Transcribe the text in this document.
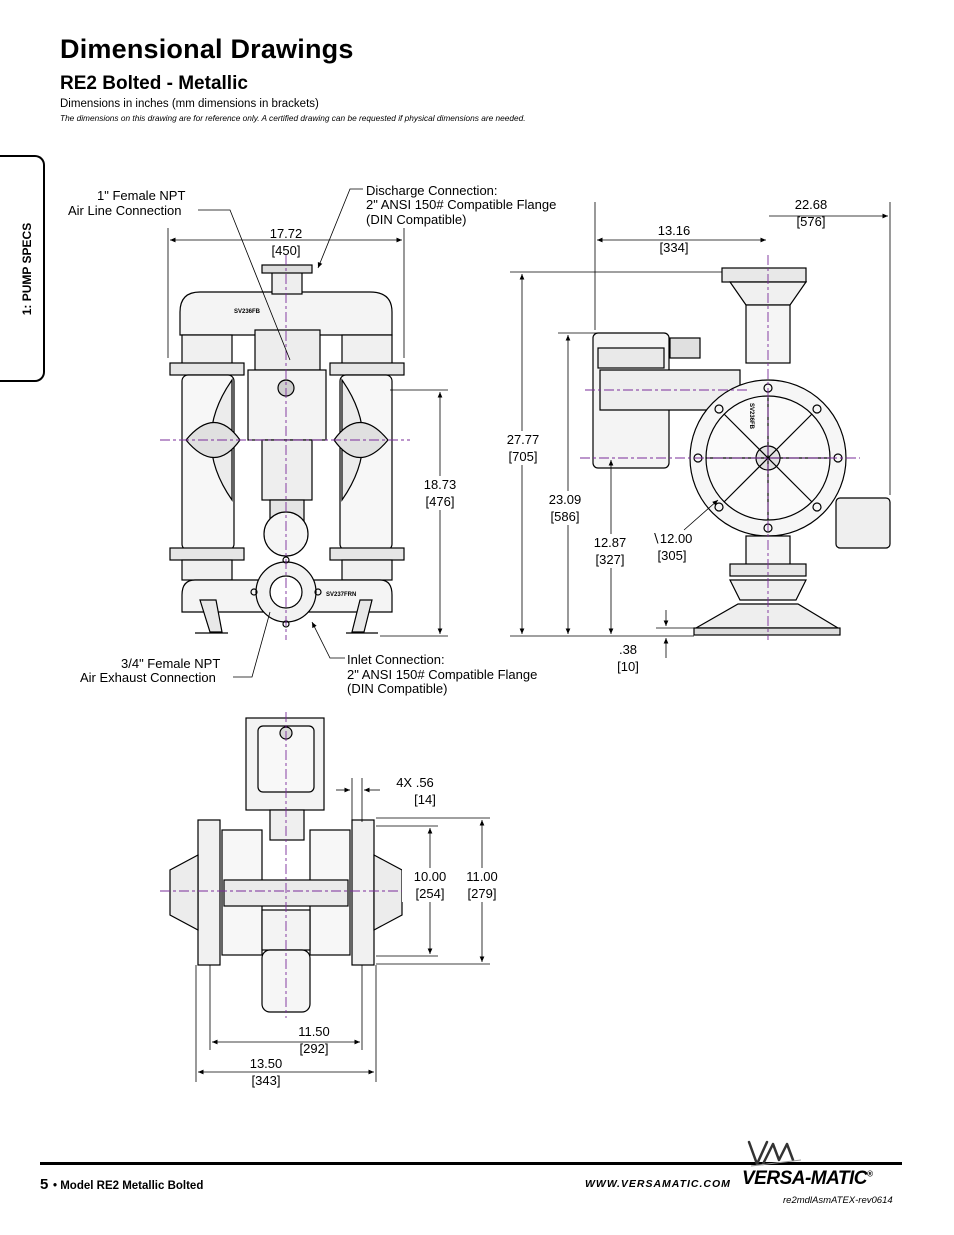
Dimensional Drawings
RE2 Bolted - Metallic
Dimensions in inches (mm dimensions in brackets)
The dimensions on this drawing are for reference only. A certified drawing can be requested if physical dimensions are needed.
1: PUMP SPECS	SV236FB
SV237FRN
SV236FB
1" Female NPT
Air Line Connection
Discharge Connection:
2" ANSI 150# Compatible Flange
(DIN Compatible)
3/4" Female NPT
Air Exhaust Connection
Inlet Connection:
2" ANSI 150# Compatible Flange
(DIN Compatible)
17.72
[450]
22.68
[576]
13.16
[334]
27.77
[705]
18.73
[476]	23.09
[586]
12.87
[327]
∖12.00
[305]
.38
[10]
4X .56
[14]
10.00
[254]
11.00
[279]
11.50
[292]
13.50
[343]
5 • Model RE2 Metallic Bolted	WWW.VERSAMATIC.COM VERSA-MATIC®
re2mdlAsmATEX-rev0614
